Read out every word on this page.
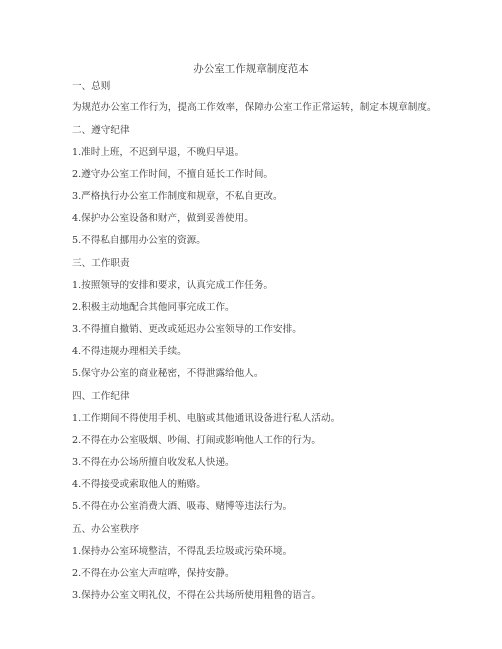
办公室工作规章制度范本
一、总则
为规范办公室工作行为，提高工作效率，保障办公室工作正常运转，制定本规章制度。
二、遵守纪律
1.准时上班，不迟到早退，不晚归早退。
2.遵守办公室工作时间，不擅自延长工作时间。
3.严格执行办公室工作制度和规章，不私自更改。
4.保护办公室设备和财产，做到妥善使用。
5.不得私自挪用办公室的资源。
三、工作职责
1.按照领导的安排和要求，认真完成工作任务。
2.积极主动地配合其他同事完成工作。
3.不得擅自撤销、更改或延迟办公室领导的工作安排。
4.不得违规办理相关手续。
5.保守办公室的商业秘密，不得泄露给他人。
四、工作纪律
1.工作期间不得使用手机、电脑或其他通讯设备进行私人活动。
2.不得在办公室吸烟、吵闹、打闹或影响他人工作的行为。
3.不得在办公场所擅自收发私人快递。
4.不得接受或索取他人的贿赂。
5.不得在办公室消费大酒、吸毒、赌博等违法行为。
五、办公室秩序
1.保持办公室环境整洁，不得乱丢垃圾或污染环境。
2.不得在办公室大声喧哗，保持安静。
3.保持办公室文明礼仪，不得在公共场所使用粗鲁的语言。
